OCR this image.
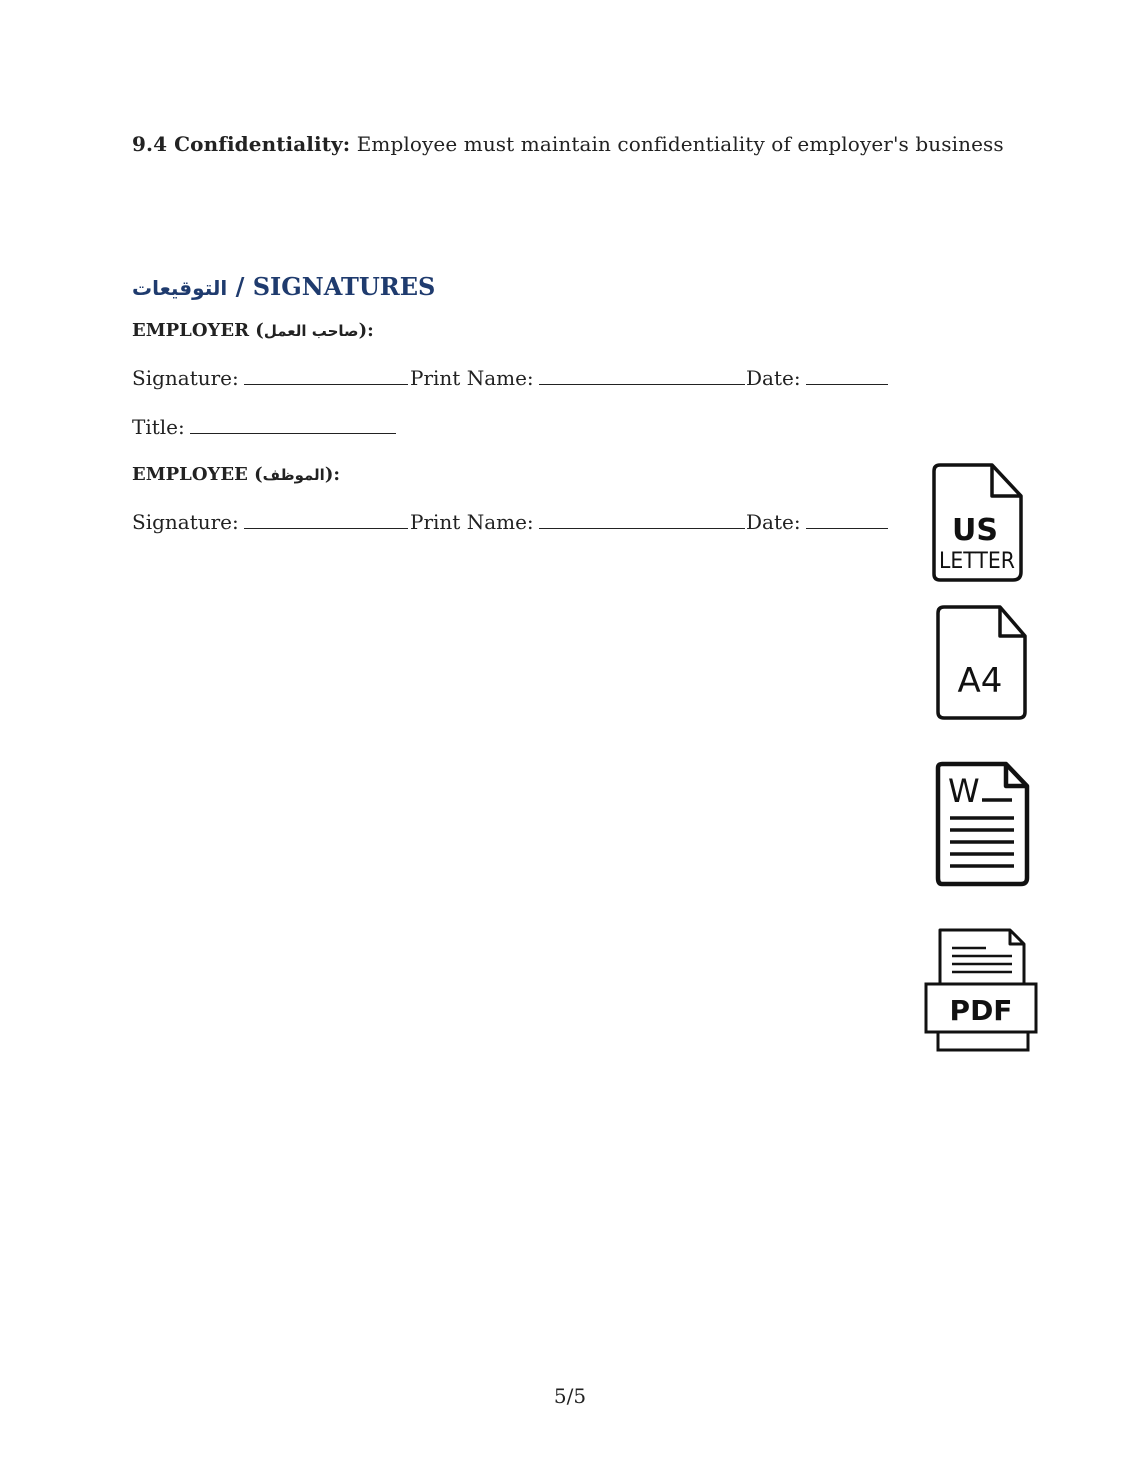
9.4 Confidentiality: Employee must maintain confidentiality of employer's business
التوقيعات / SIGNATURES
EMPLOYER (صاحب العمل):
Signature:	Print Name:	Date:
Title:
EMPLOYEE (الموظف):
Signature:	Print Name:	Date:	US
LETTER
A4
W
PDF
5/5
